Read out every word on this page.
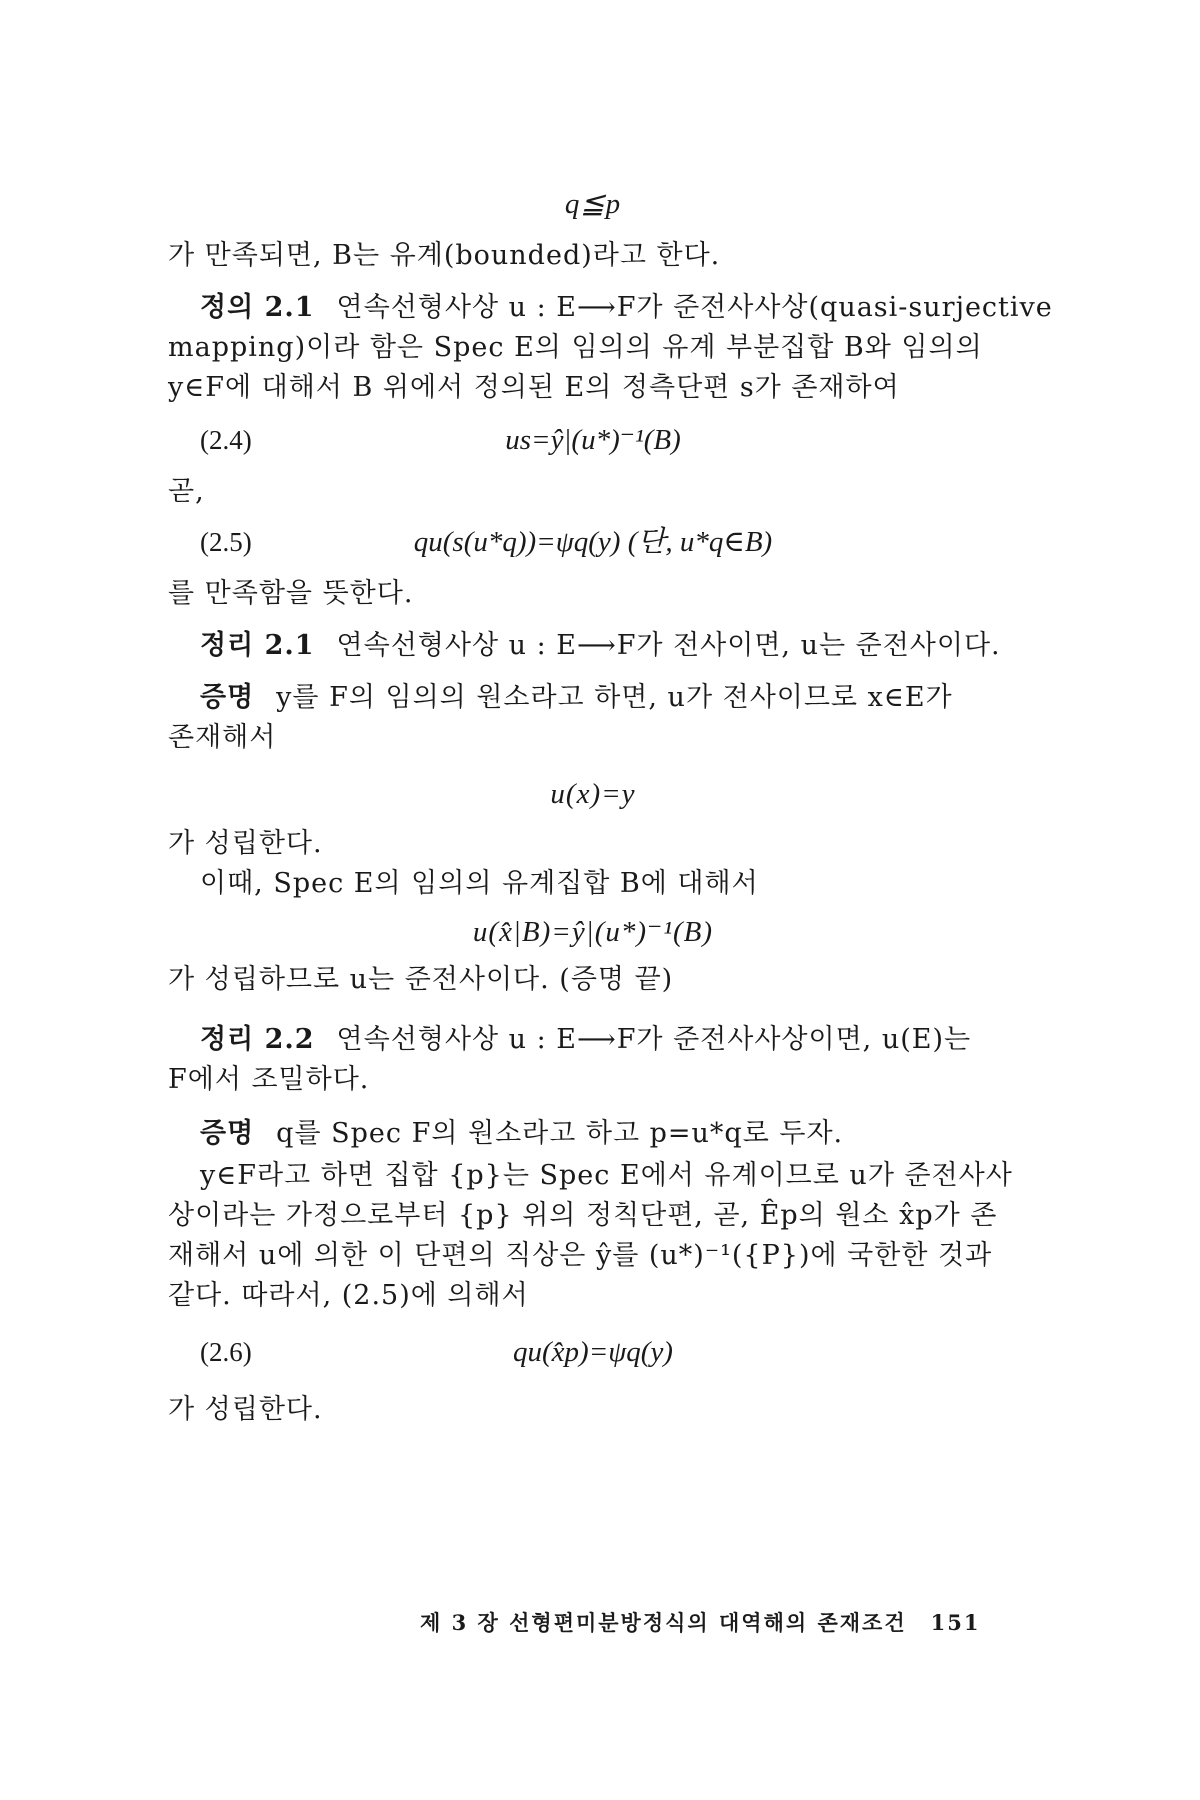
q≦p
가 만족되면, B는 유계(bounded)라고 한다.
정의 2.1 연속선형사상 u : E⟶F가 준전사사상(quasi-surjective
mapping)이라 함은 Spec E의 임의의 유계 부분집합 B와 임의의
y∈F에 대해서 B 위에서 정의된 E의 정측단편 s가 존재하여
(2.4)	us=ŷ|(u*)⁻¹(B)
곧,
(2.5)	qu(s(u*q))=ψq(y) (단, u*q∈B)
를 만족함을 뜻한다.
정리 2.1 연속선형사상 u : E⟶F가 전사이면, u는 준전사이다.
증명 y를 F의 임의의 원소라고 하면, u가 전사이므로 x∈E가
존재해서
u(x)=y
가 성립한다.
이때, Spec E의 임의의 유계집합 B에 대해서
u(x̂|B)=ŷ|(u*)⁻¹(B)
가 성립하므로 u는 준전사이다. (증명 끝)
정리 2.2 연속선형사상 u : E⟶F가 준전사사상이면, u(E)는
F에서 조밀하다.
증명 q를 Spec F의 원소라고 하고 p=u*q로 두자.
y∈F라고 하면 집합 {p}는 Spec E에서 유계이므로 u가 준전사사
상이라는 가정으로부터 {p} 위의 정칙단편, 곧, Êp의 원소 x̂p가 존
재해서 u에 의한 이 단편의 직상은 ŷ를 (u*)⁻¹({P})에 국한한 것과
같다. 따라서, (2.5)에 의해서
(2.6)	qu(x̂p)=ψq(y)
가 성립한다.
제 3 장 선형편미분방정식의 대역해의 존재조건 151
